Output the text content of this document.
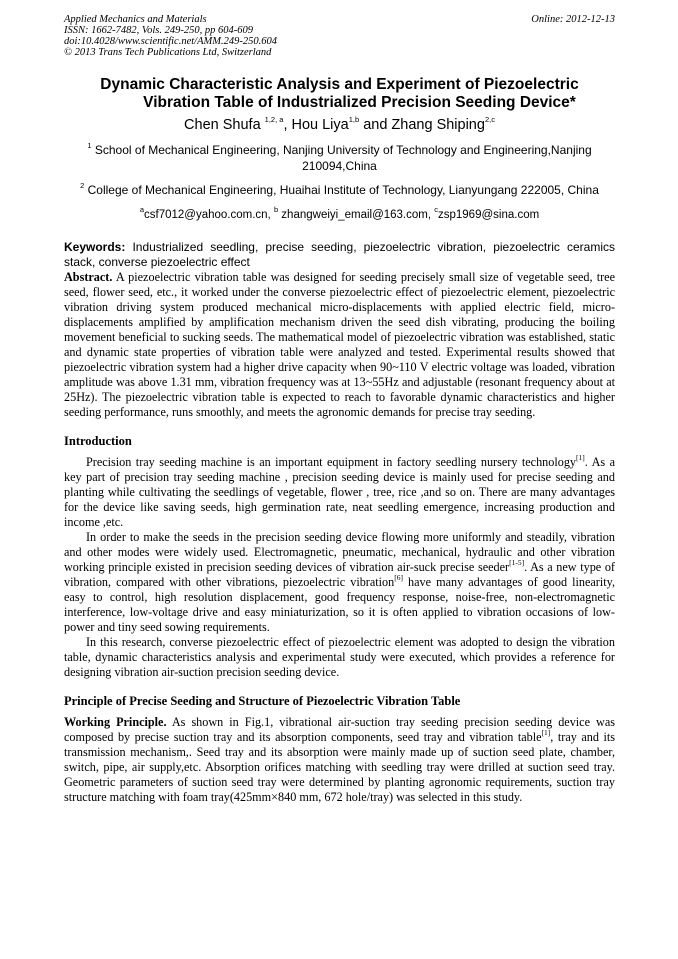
Applied Mechanics and Materials
ISSN: 1662-7482, Vols. 249-250, pp 604-609
doi:10.4028/www.scientific.net/AMM.249-250.604
© 2013 Trans Tech Publications Ltd, Switzerland
Online: 2012-12-13
Dynamic Characteristic Analysis and Experiment of Piezoelectric
Vibration Table of Industrialized Precision Seeding Device*
Chen Shufa $^{1,2, a}$, Hou Liya$^{1,b}$ and Zhang Shiping$^{2,c}$
$^1$ School of Mechanical Engineering, Nanjing University of Technology and Engineering,Nanjing 210094,China
$^2$ College of Mechanical Engineering, Huaihai Institute of Technology, Lianyungang 222005, China
$^a$csf7012@yahoo.com.cn, $^b$ zhangweiyi_email@163.com, $^c$zsp1969@sina.com
Keywords: Industrialized seedling, precise seeding, piezoelectric vibration, piezoelectric ceramics stack, converse piezoelectric effect

Abstract. A piezoelectric vibration table was designed for seeding precisely small size of vegetable seed, tree seed, flower seed, etc., it worked under the converse piezoelectric effect of piezoelectric element, piezoelectric vibration driving system produced mechanical micro-displacements with applied electric field, micro-displacements amplified by amplification mechanism driven the seed dish vibrating, producing the boiling movement beneficial to sucking seeds. The mathematical model of piezoelectric vibration was established, static and dynamic state properties of vibration table were analyzed and tested. Experimental results showed that piezoelectric vibration system had a higher drive capacity when 90~110 V electric voltage was loaded, vibration amplitude was above 1.31 mm, vibration frequency was at 13~55Hz and adjustable (resonant frequency about at 25Hz). The piezoelectric vibration table is expected to reach to favorable dynamic characteristics and higher seeding performance, runs smoothly, and meets the agronomic demands for precise tray seeding.

Introduction

Precision tray seeding machine is an important equipment in factory seedling nursery technology[1]. As a key part of precision tray seeding machine , precision seeding device is mainly used for precise seeding and planting while cultivating the seedlings of vegetable, flower , tree, rice ,and so on. There are many advantages for the device like saving seeds, high germination rate, neat seedling emergence, increasing production and income ,etc.

In order to make the seeds in the precision seeding device flowing more uniformly and steadily, vibration and other modes were widely used. Electromagnetic, pneumatic, mechanical, hydraulic and other vibration working principle existed in precision seeding devices of vibration air-suck precise seeder[1-5]. As a new type of vibration, compared with other vibrations, piezoelectric vibration[6] have many advantages of good linearity, easy to control, high resolution displacement, good frequency response, noise-free, non-electromagnetic interference, low-voltage drive and easy miniaturization, so it is often applied to vibration occasions of low-power and tiny seed sowing requirements.

In this research, converse piezoelectric effect of piezoelectric element was adopted to design the vibration table, dynamic characteristics analysis and experimental study were executed, which provides a reference for designing vibration air-suction precision seeding device.

Principle of Precise Seeding and Structure of Piezoelectric Vibration Table

Working Principle. As shown in Fig.1, vibrational air-suction tray seeding precision seeding device was composed by precise suction tray and its absorption components, seed tray and vibration table[1], tray and its transmission mechanism,. Seed tray and its absorption were mainly made up of suction seed plate, chamber, switch, pipe, air supply,etc. Absorption orifices matching with seedling tray were drilled at suction seed tray. Geometric parameters of suction seed tray were determined by planting agronomic requirements, suction tray structure matching with foam tray(425mm×840 mm, 672 hole/tray) was selected in this study.
